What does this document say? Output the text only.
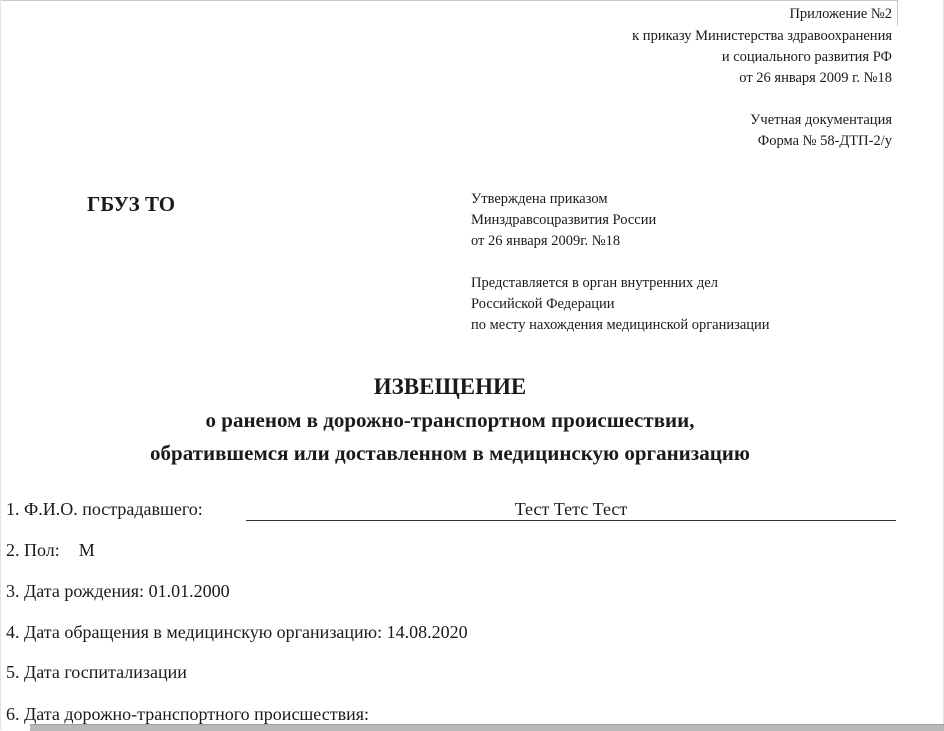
Приложение №2
к приказу Министерства здравоохранения
и социального развития РФ
от 26 января 2009 г. №18
Учетная документация
Форма № 58-ДТП-2/у
ГБУЗ ТО	Утверждена приказом
Минздравсоцразвития России
от 26 января 2009г. №18
Представляется в орган внутренних дел
Российской Федерации
по месту нахождения медицинской организации
ИЗВЕЩЕНИЕ
о раненом в дорожно-транспортном происшествии,
обратившемся или доставленном в медицинскую организацию
1. Ф.И.О. пострадавшего:	Тест Тетс Тест
2. Пол: М
3. Дата рождения: 01.01.2000
4. Дата обращения в медицинскую организацию: 14.08.2020
5. Дата госпитализации
6. Дата дорожно-транспортного происшествия:
